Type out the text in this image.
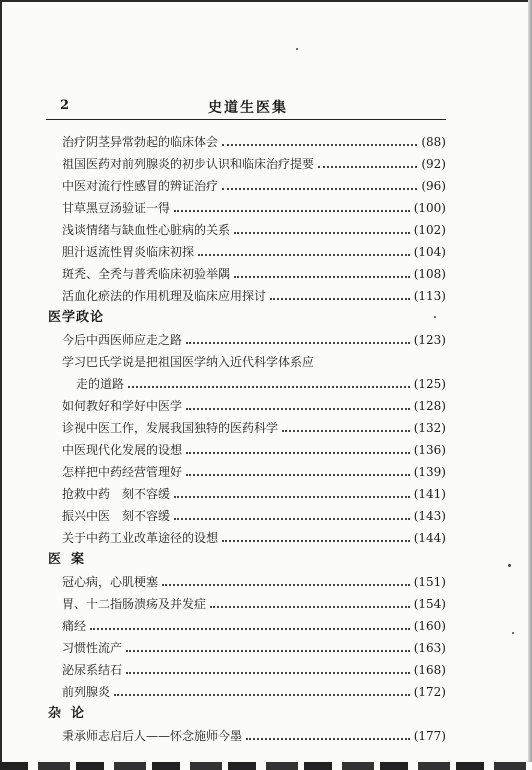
2	史道生医集
治疗阴茎异常勃起的临床体会	(88)
祖国医药对前列腺炎的初步认识和临床治疗提要	(92)
中医对流行性感冒的辨证治疗	(96)
甘草黑豆汤验证一得	(100)
浅谈情绪与缺血性心脏病的关系	(102)
胆汁返流性胃炎临床初探	(104)
斑秃、全秃与普秃临床初验举隅	(108)
活血化瘀法的作用机理及临床应用探讨	(113)
医学政论
今后中西医师应走之路	(123)
学习巴氏学说是把祖国医学纳入近代科学体系应
走的道路	(125)
如何教好和学好中医学	(128)
诊视中医工作，发展我国独特的医药科学	(132)
中医现代化发展的设想	(136)
怎样把中药经营管理好	(139)
抢救中药　刻不容缓	(141)
振兴中医　刻不容缓	(143)
关于中药工业改革途径的设想	(144)
医案
冠心病，心肌梗塞	(151)
胃、十二指肠溃疡及并发症	(154)
痛经	(160)
习惯性流产	(163)
泌尿系结石	(168)
前列腺炎	(172)
杂论
秉承师志启后人——怀念施师今墨	(177)
